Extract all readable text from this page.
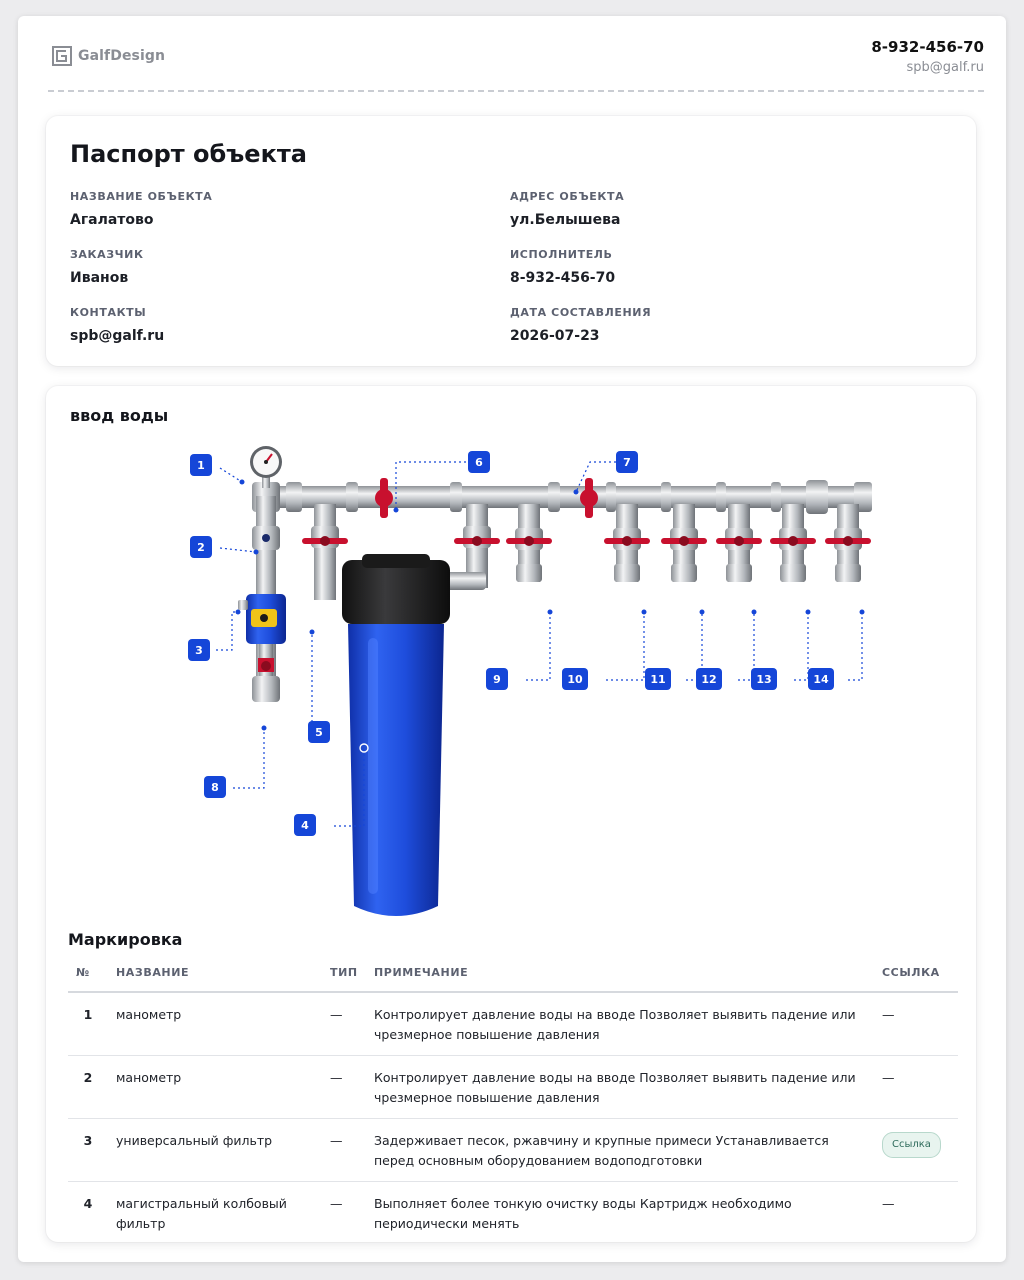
GalfDesign	8-932-456-70
spb@galf.ru
Паспорт объекта
НАЗВАНИЕ ОБЪЕКТА
Агалатово
АДРЕС ОБЪЕКТА
ул.Белышева
ЗАКАЗЧИК
Иванов
ИСПОЛНИТЕЛЬ
8-932-456-70
КОНТАКТЫ
spb@galf.ru
ДАТА СОСТАВЛЕНИЯ
2026-07-23
ввод воды
1
2
3
4
5
6	7
8
9	10	11	12	13	14
Маркировка
№	НАЗВАНИЕ	ТИП	ПРИМЕЧАНИЕ	ССЫЛКА
1	манометр	—	Контролирует давление воды на вводе Позволяет выявить падение или чрезмерное повышение давления	—
2	манометр	—	Контролирует давление воды на вводе Позволяет выявить падение или чрезмерное повышение давления	—
3	универсальный фильтр	—	Задерживает песок, ржавчину и крупные примеси Устанавливается перед основным оборудованием водоподготовки	Ссылка
4	магистральный колбовый фильтр	—	Выполняет более тонкую очистку воды Картридж необходимо периодически менять	—
